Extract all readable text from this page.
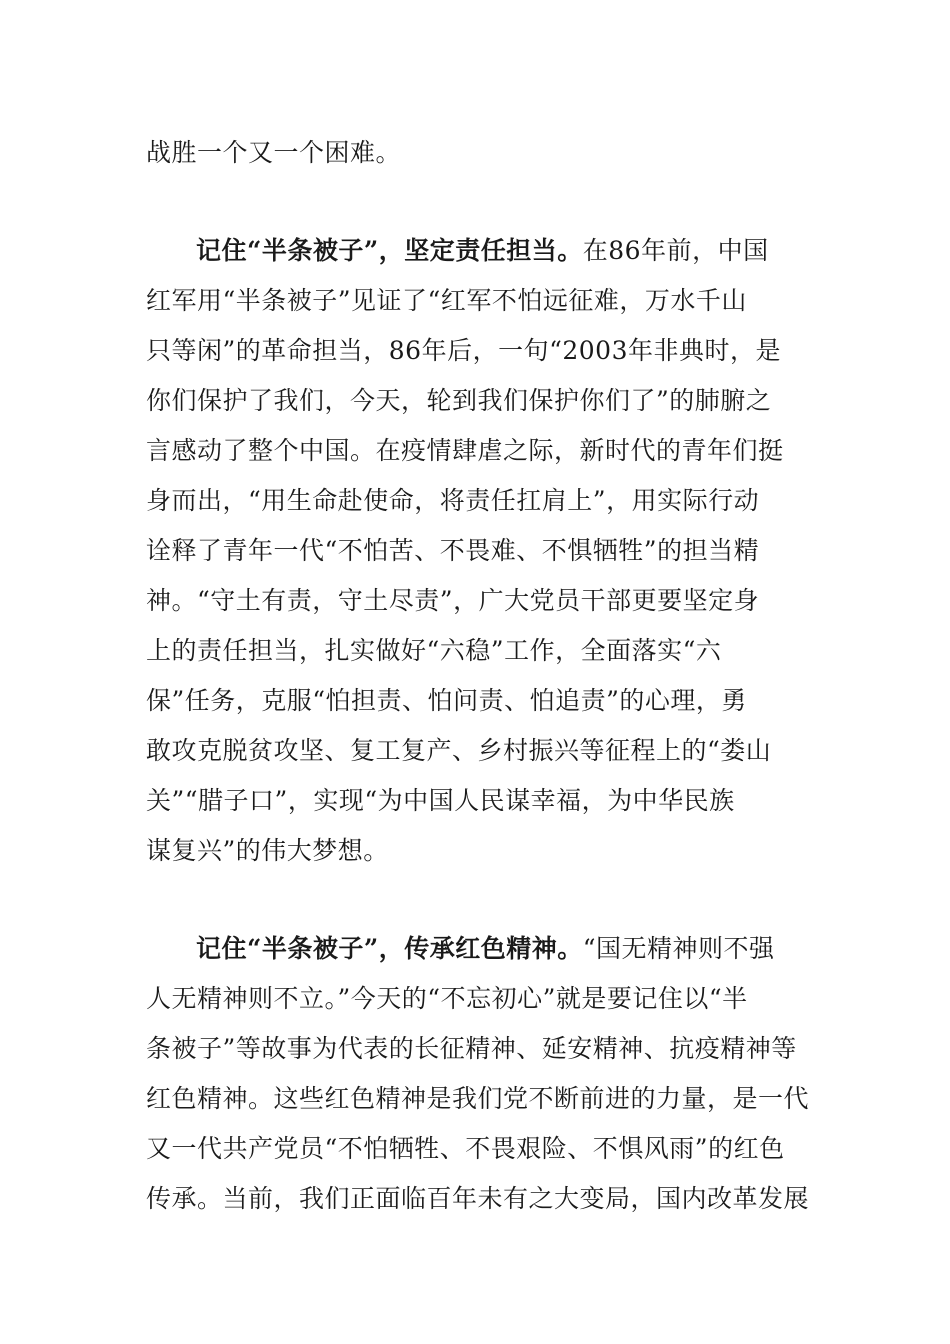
战胜一个又一个困难。
记住“半条被子”，坚定责任担当。在86年前，中国
红军用“半条被子”见证了“红军不怕远征难，万水千山
只等闲”的革命担当，86年后，一句“2003年非典时，是
你们保护了我们，今天，轮到我们保护你们了”的肺腑之
言感动了整个中国。在疫情肆虐之际，新时代的青年们挺
身而出，“用生命赴使命，将责任扛肩上”，用实际行动
诠释了青年一代“不怕苦、不畏难、不惧牺牲”的担当精
神。“守土有责，守土尽责”，广大党员干部更要坚定身
上的责任担当，扎实做好“六稳”工作，全面落实“六
保”任务，克服“怕担责、怕问责、怕追责”的心理，勇
敢攻克脱贫攻坚、复工复产、乡村振兴等征程上的“娄山
关”“腊子口”，实现“为中国人民谋幸福，为中华民族
谋复兴”的伟大梦想。
记住“半条被子”，传承红色精神。“国无精神则不强
人无精神则不立。”今天的“不忘初心”就是要记住以“半
条被子”等故事为代表的长征精神、延安精神、抗疫精神等
红色精神。这些红色精神是我们党不断前进的力量，是一代
又一代共产党员“不怕牺牲、不畏艰险、不惧风雨”的红色
传承。当前，我们正面临百年未有之大变局，国内改革发展
